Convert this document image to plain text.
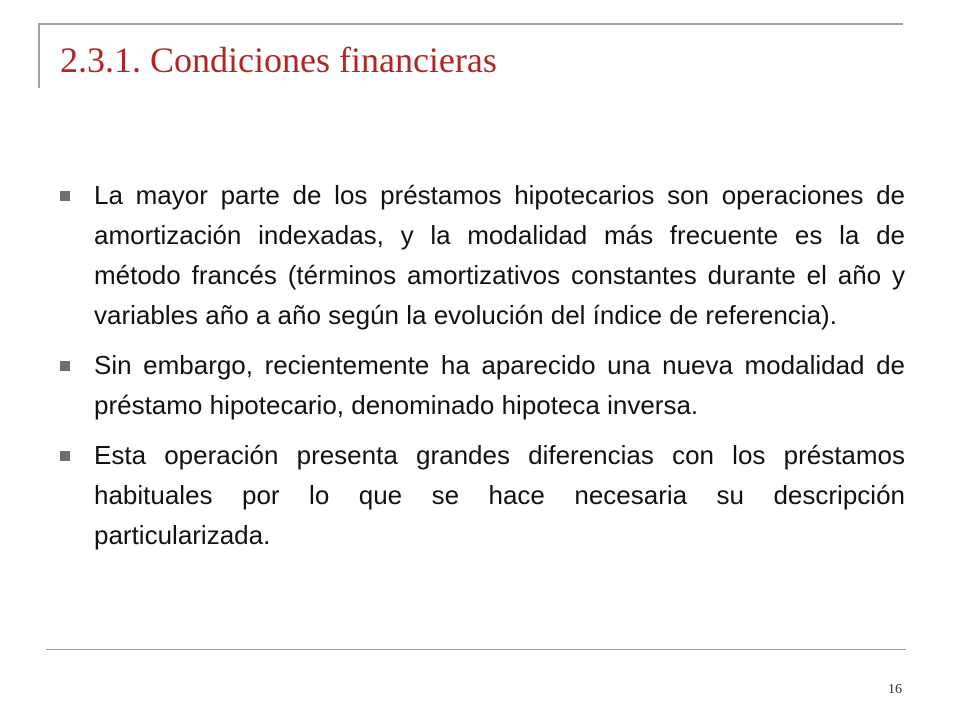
2.3.1. Condiciones financieras
La mayor parte de los préstamos hipotecarios son operaciones de amortización indexadas, y la modalidad más frecuente es la de método francés (términos amortizativos constantes durante el año y variables año a año según la evolución del índice de referencia).
Sin embargo, recientemente ha aparecido una nueva modalidad de préstamo hipotecario, denominado hipoteca inversa.
Esta operación presenta grandes diferencias con los préstamos habituales por lo que se hace necesaria su descripción particularizada.
16
